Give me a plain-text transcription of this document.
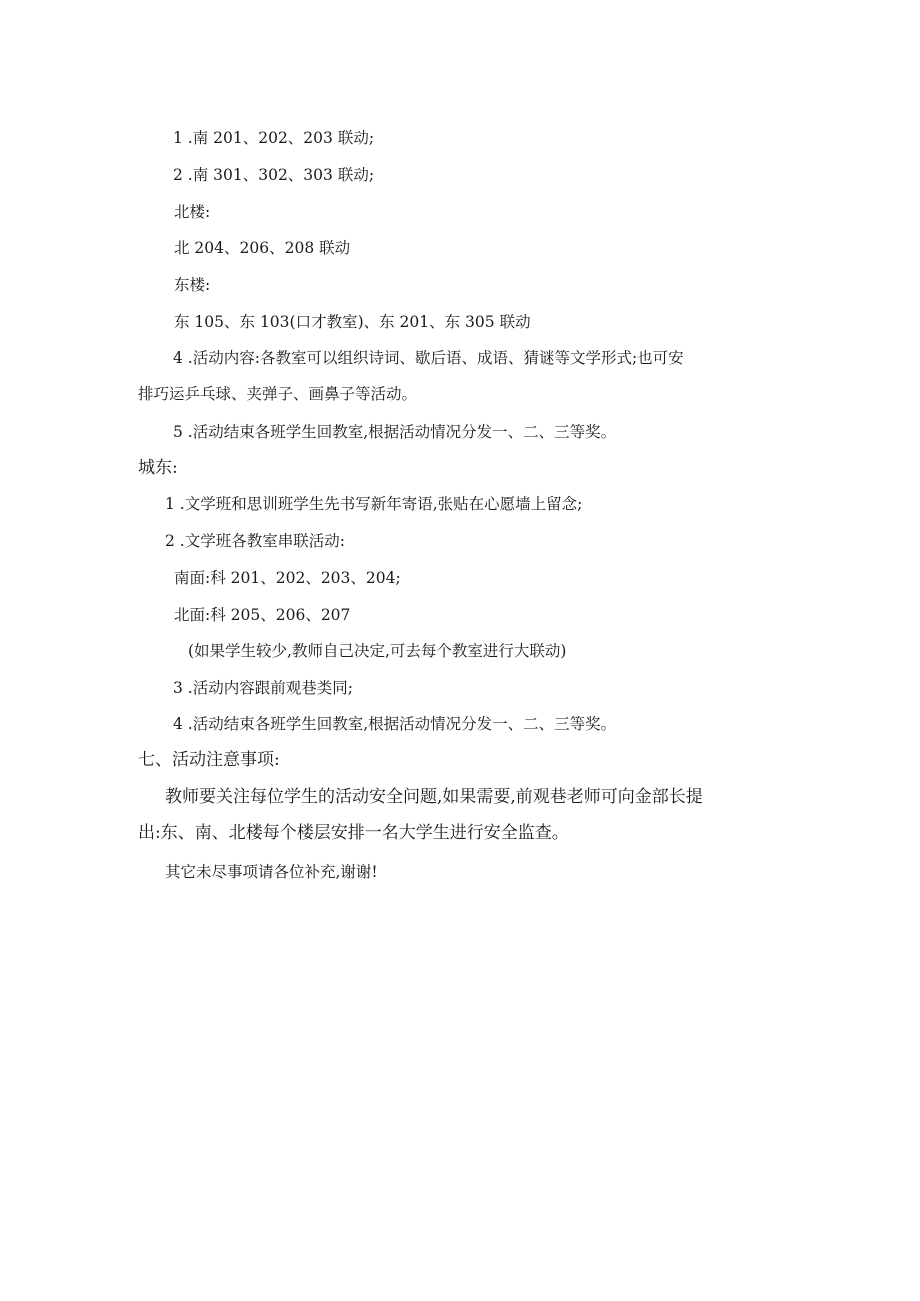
1 .南 201、202、203 联动;
2 .南 301、302、303 联动;
北楼:
北 204、206、208 联动
东楼:
东 105、东 103(口才教室)、东 201、东 305 联动
4 .活动内容:各教室可以组织诗词、歇后语、成语、猜谜等文学形式;也可安
排巧运乒乓球、夹弹子、画鼻子等活动。
5 .活动结束各班学生回教室,根据活动情况分发一、二、三等奖。
城东:
1 .文学班和思训班学生先书写新年寄语,张贴在心愿墙上留念;
2 .文学班各教室串联活动:
南面:科 201、202、203、204;
北面:科 205、206、207
(如果学生较少,教师自己决定,可去每个教室进行大联动)
3 .活动内容跟前观巷类同;
4 .活动结束各班学生回教室,根据活动情况分发一、二、三等奖。
七、活动注意事项:
教师要关注每位学生的活动安全问题,如果需要,前观巷老师可向金部长提
出:东、南、北楼每个楼层安排一名大学生进行安全监查。
其它未尽事项请各位补充,谢谢!
